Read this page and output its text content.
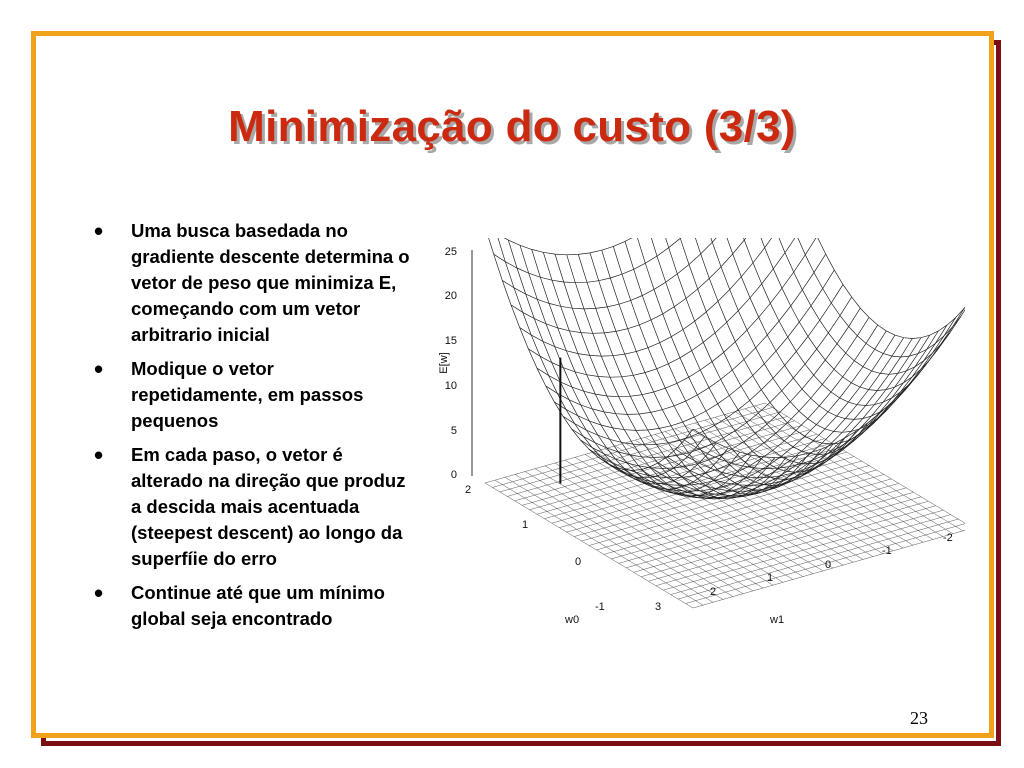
Minimização do custo (3/3)
• Uma busca basedada no gradiente descente determina o vetor de peso que minimiza E, começando com um vetor arbitrario inicial
• Modique o vetor repetidamente, em passos pequenos
• Em cada paso, o vetor é alterado na direção que produz a descida mais acentuada (steepest descent) ao longo da superfíie do erro
• Continue até que um mínimo global seja encontrado
0
5
10
15
20
25
E[w]
-1
0
1
2
w0
3
2
1
0
-1
-2
w1
23
